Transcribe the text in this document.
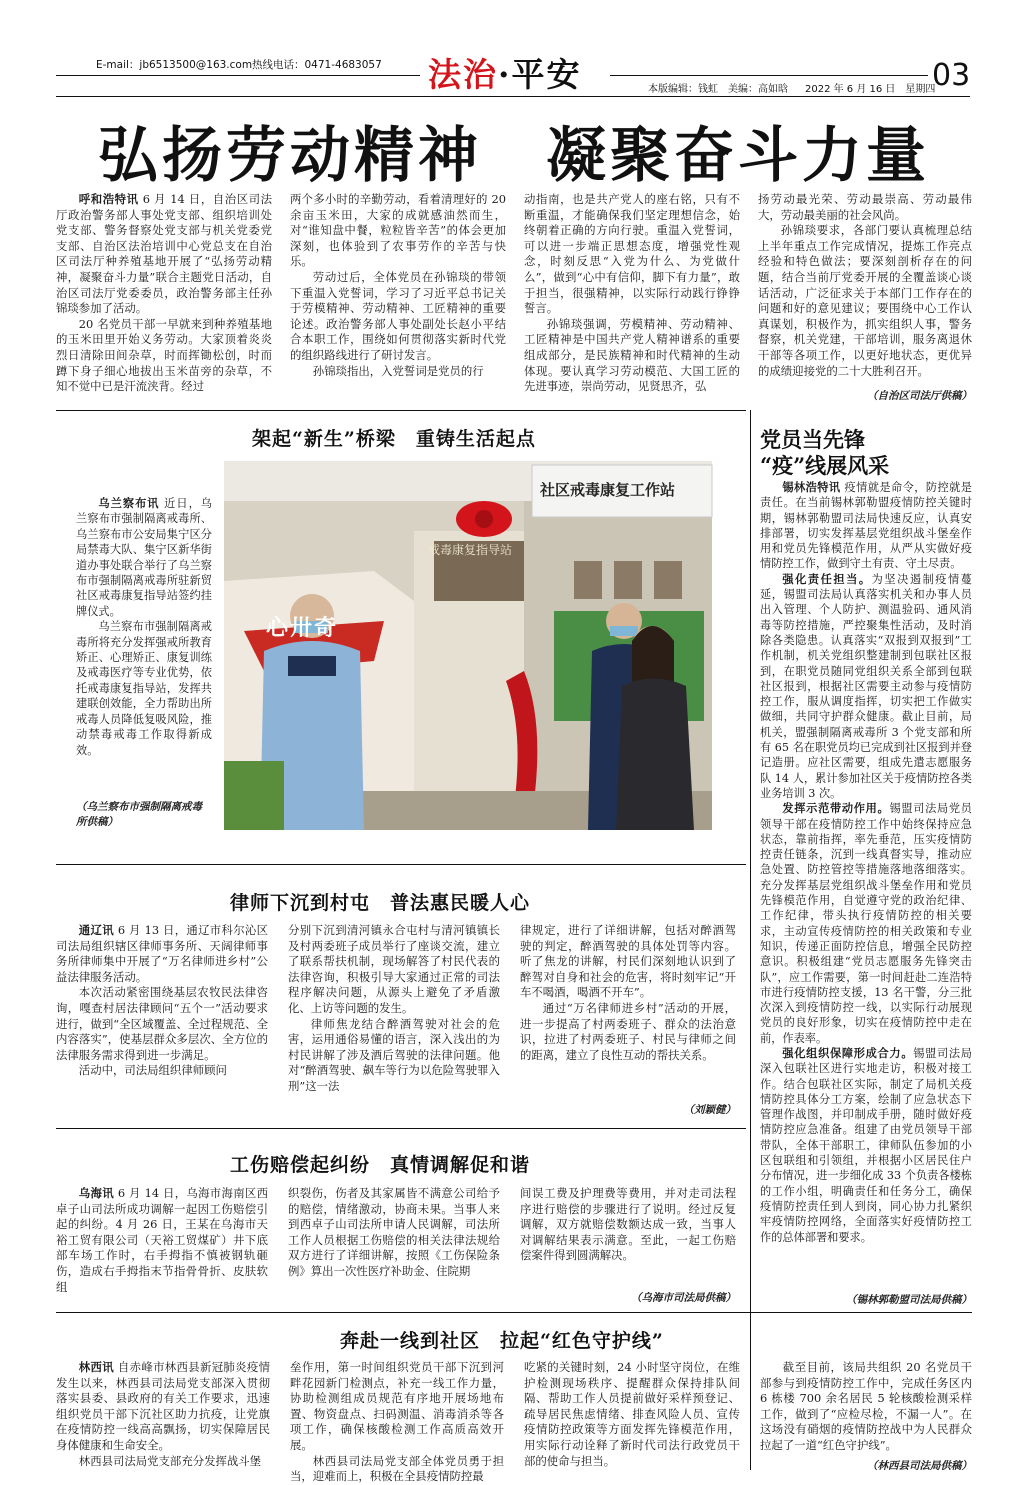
E-mail：jb6513500@163.com 热线电话：0471-4683057 法治·平安	本版编辑：钱虹　美编：高如晗 2022 年 6 月 16 日　星期四
03
弘扬劳动精神　凝聚奋斗力量

呼和浩特讯 6 月 14 日，自治区司法厅政治警务部人事处党支部、组织培训处党支部、警务督察处党支部与机关党委党支部、自治区法治培训中心党总支在自治区司法厅种养殖基地开展了“弘扬劳动精神，凝聚奋斗力量”联合主题党日活动，自治区司法厅党委委员，政治警务部主任孙锦琰参加了活动。

20 名党员干部一早就来到种养殖基地的玉米田里开始义务劳动。大家顶着炎炎烈日清除田间杂草，时而挥锄松创，时而蹲下身子细心地拔出玉米苗旁的杂草，不知不觉中已是汗流浃背。经过

两个多小时的辛勤劳动，看着清理好的 20 余亩玉米田，大家的成就感油然而生，对“谁知盘中餐，粒粒皆辛苦”的体会更加深刻，也体验到了农事劳作的辛苦与快乐。

劳动过后，全体党员在孙锦琰的带领下重温入党誓词，学习了习近平总书记关于劳模精神、劳动精神、工匠精神的重要论述。政治警务部人事处副处长赵小平结合本职工作，围绕如何贯彻落实新时代党的组织路线进行了研讨发言。

孙锦琰指出，入党誓词是党员的行

动指南，也是共产党人的座右铭，只有不断重温，才能确保我们坚定理想信念，始终朝着正确的方向行驶。重温入党誓词，可以进一步端正思想态度，增强党性观念，时刻反思“入党为什么、为党做什么”，做到“心中有信仰，脚下有力量”，敢于担当，很强精神，以实际行动践行铮铮誓言。

孙锦琰强调，劳模精神、劳动精神、工匠精神是中国共产党人精神谱系的重要组成部分，是民族精神和时代精神的生动体现。要认真学习劳动模范、大国工匠的先进事迹，崇尚劳动，见贤思齐，弘

扬劳动最光荣、劳动最崇高、劳动最伟大，劳动最美丽的社会风尚。

孙锦琰要求，各部门要认真梳理总结上半年重点工作完成情况，提炼工作亮点经验和特色做法；要深刻剖析存在的问题，结合当前厅党委开展的全覆盖谈心谈话活动，广泛征求关于本部门工作存在的问题和好的意见建议；要围绕中心工作认真谋划，积极作为，抓实组织人事，警务督察，机关党建，干部培训，服务离退休干部等各项工作，以更好地状态，更优异的成绩迎接党的二十大胜利召开。

（自治区司法厅供稿）
架起“新生”桥梁　重铸生活起点

乌兰察布讯 近日，乌兰察布市强制隔离戒毒所、乌兰察布市公安局集宁区分局禁毒大队、集宁区新华街道办事处联合举行了乌兰察布市强制隔离戒毒所驻新贸社区戒毒康复指导站签约挂牌仪式。

乌兰察布市强制隔离戒毒所将充分发挥强戒所教育矫正、心理矫正、康复训练及戒毒医疗等专业优势，依托戒毒康复指导站，发挥共建联创效能，全力帮助出所戒毒人员降低复吸风险，推动禁毒戒毒工作取得新成效。

（乌兰察布市强制隔离戒毒所供稿）
社区戒毒康复工作站
戒毒康复指导站
心卅奇
律师下沉到村屯　普法惠民暖人心

通辽讯 6 月 13 日，通辽市科尔沁区司法局组织辖区律师事务所、天阔律师事务所律师集中开展了“万名律师进乡村”公益法律服务活动。

本次活动紧密围绕基层农牧民法律咨询，嘎查村居法律顾问“五个一”活动要求进行，做到“全区域覆盖、全过程规范、全内容落实”，使基层群众多层次、全方位的法律服务需求得到进一步满足。

活动中，司法局组织律师顾问

分别下沉到清河镇永合屯村与清河镇镇长及村两委班子成员举行了座谈交流，建立了联系帮扶机制，现场解答了村民代表的法律咨询，积极引导大家通过正常的司法程序解决问题，从源头上避免了矛盾激化、上访等问题的发生。

律师焦龙结合醉酒驾驶对社会的危害，运用通俗易懂的语言，深入浅出的为村民讲解了涉及酒后驾驶的法律问题。他对“醉酒驾驶、飙车等行为以危险驾驶罪入刑”这一法

律规定，进行了详细讲解，包括对醉酒驾驶的判定，醉酒驾驶的具体处罚等内容。听了焦龙的讲解，村民们深刻地认识到了醉驾对自身和社会的危害，将时刻牢记“开车不喝酒，喝酒不开车”。

通过“万名律师进乡村”活动的开展，进一步提高了村两委班子、群众的法治意识，拉进了村两委班子、村民与律师之间的距离，建立了良性互动的帮扶关系。

（刘颖健）
工伤赔偿起纠纷　真情调解促和谐

乌海讯 6 月 14 日，乌海市海南区西卓子山司法所成功调解一起因工伤赔偿引起的纠纷。4 月 26 日，王某在乌海市天裕工贸有限公司（天裕工贸煤矿）井下底部车场工作时，右手拇指不慎被钢轨砸伤，造成右手拇指末节指骨骨折、皮肤软组

织裂伤，伤者及其家属皆不满意公司给予的赔偿，情绪激动，协商未果。当事人来到西卓子山司法所申请人民调解，司法所工作人员根据工伤赔偿的相关法律法规给双方进行了详细讲解，按照《工伤保险条例》算出一次性医疗补助金、住院期

间误工费及护理费等费用，并对走司法程序进行赔偿的步骤进行了说明。经过反复调解，双方就赔偿数额达成一致，当事人对调解结果表示满意。至此，一起工伤赔偿案件得到圆满解决。

（乌海市司法局供稿）
奔赴一线到社区　拉起“红色守护线”

林西讯 自赤峰市林西县新冠肺炎疫情发生以来，林西县司法局党支部深入贯彻落实县委、县政府的有关工作要求，迅速组织党员干部下沉社区助力抗疫，让党旗在疫情防控一线高高飘扬，切实保障居民身体健康和生命安全。

林西县司法局党支部充分发挥战斗堡

垒作用，第一时间组织党员干部下沉到河畔花园新门检测点，补充一线工作力量，协助检测组成员规范有序地开展场地布置、物资盘点、扫码测温、消毒消杀等各项工作，确保核酸检测工作高质高效开展。

林西县司法局党支部全体党员勇于担当，迎难而上，积极在全县疫情防控最

吃紧的关键时刻，24 小时坚守岗位，在维护检测现场秩序、提醒群众保持排队间隔、帮助工作人员提前做好采样预登记、疏导居民焦虑情绪、排查风险人员、宣传疫情防控政策等方面发挥先锋模范作用，用实际行动诠释了新时代司法行政党员干部的使命与担当。

截至目前，该局共组织 20 名党员干部参与到疫情防控工作中，完成任务区内 6 栋楼 700 余名居民 5 轮核酸检测采样工作，做到了“应检尽检，不漏一人”。在这场没有硝烟的疫情防控战中为人民群众拉起了一道“红色守护线”。

（林西县司法局供稿）
党员当先锋
“疫”线展风采

锡林浩特讯 疫情就是命令，防控就是责任。在当前锡林郭勒盟疫情防控关键时期，锡林郭勒盟司法局快速反应，认真安排部署，切实发挥基层党组织战斗堡垒作用和党员先锋模范作用，从严从实做好疫情防控工作，做到守土有责、守土尽责。

强化责任担当。为坚决遏制疫情蔓延，锡盟司法局认真落实机关和办事人员出入管理、个人防护、测温验码、通风消毒等防控措施，严控聚集性活动，及时消除各类隐患。认真落实“双报到双报到”工作机制，机关党组织整建制到包联社区报到，在职党员随同党组织关系全部到包联社区报到，根据社区需要主动参与疫情防控工作，服从调度指挥，切实把工作做实做细，共同守护群众健康。截止目前，局机关，盟强制隔离戒毒所 3 个党支部和所有 65 名在职党员均已完成到社区报到并登记造册。应社区需要，组成先遣志愿服务队 14 人，累计参加社区关于疫情防控各类业务培训 3 次。

发挥示范带动作用。锡盟司法局党员领导干部在疫情防控工作中始终保持应急状态，靠前指挥，率先垂范，压实疫情防控责任链条，沉到一线真督实导，推动应急处置、防控管控等措施落地落细落实。充分发挥基层党组织战斗堡垒作用和党员先锋模范作用，自觉遵守党的政治纪律、工作纪律，带头执行疫情防控的相关要求，主动宣传疫情防控的相关政策和专业知识，传递正面防控信息，增强全民防控意识。积极组建“党员志愿服务先锋突击队”，应工作需要，第一时间赶赴二连浩特市进行疫情防控支援，13 名干警，分三批次深入到疫情防控一线，以实际行动展现党员的良好形象，切实在疫情防控中走在前，作表率。

强化组织保障形成合力。锡盟司法局深入包联社区进行实地走访，积极对接工作。结合包联社区实际，制定了局机关疫情防控具体分工方案，绘制了应急状态下管理作战图，并印制成手册，随时做好疫情防控应急准备。组建了由党员领导干部带队，全体干部职工，律师队伍参加的小区包联组和引领组，并根据小区居民住户分布情况，进一步细化成 33 个负责各楼栋的工作小组，明确责任和任务分工，确保疫情防控责任到人到岗，同心协力扎紧织牢疫情防控网络，全面落实好疫情防控工作的总体部署和要求。

（锡林郭勒盟司法局供稿）
